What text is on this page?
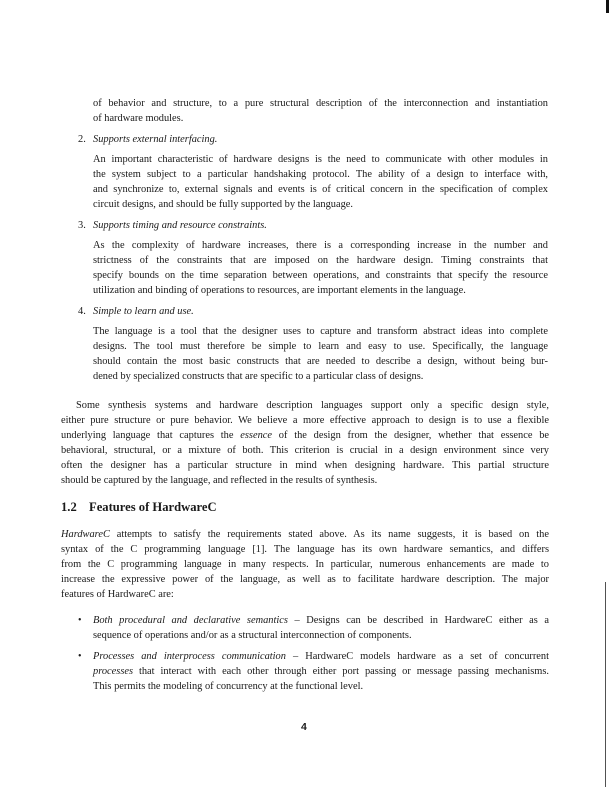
of behavior and structure, to a pure structural description of the interconnection and instantiation
of hardware modules.
2. Supports external interfacing.
An important characteristic of hardware designs is the need to communicate with other modules in
the system subject to a particular handshaking protocol. The ability of a design to interface with,
and synchronize to, external signals and events is of critical concern in the specification of complex
circuit designs, and should be fully supported by the language.
3. Supports timing and resource constraints.
As the complexity of hardware increases, there is a corresponding increase in the number and
strictness of the constraints that are imposed on the hardware design. Timing constraints that
specify bounds on the time separation between operations, and constraints that specify the resource
utilization and binding of operations to resources, are important elements in the language.
4. Simple to learn and use.
The language is a tool that the designer uses to capture and transform abstract ideas into complete
designs. The tool must therefore be simple to learn and easy to use. Specifically, the language
should contain the most basic constructs that are needed to describe a design, without being bur-
dened by specialized constructs that are specific to a particular class of designs.
Some synthesis systems and hardware description languages support only a specific design style,
either pure structure or pure behavior. We believe a more effective approach to design is to use a flexible
underlying language that captures the essence of the design from the designer, whether that essence be
behavioral, structural, or a mixture of both. This criterion is crucial in a design environment since very
often the designer has a particular structure in mind when designing hardware. This partial structure
should be captured by the language, and reflected in the results of synthesis.
1.2 Features of HardwareC
HardwareC attempts to satisfy the requirements stated above. As its name suggests, it is based on the
syntax of the C programming language [1]. The language has its own hardware semantics, and differs
from the C programming language in many respects. In particular, numerous enhancements are made to
increase the expressive power of the language, as well as to facilitate hardware description. The major
features of HardwareC are:
• Both procedural and declarative semantics – Designs can be described in HardwareC either as a
sequence of operations and/or as a structural interconnection of components.
• Processes and interprocess communication – HardwareC models hardware as a set of concurrent
processes that interact with each other through either port passing or message passing mechanisms.
This permits the modeling of concurrency at the functional level.
4
